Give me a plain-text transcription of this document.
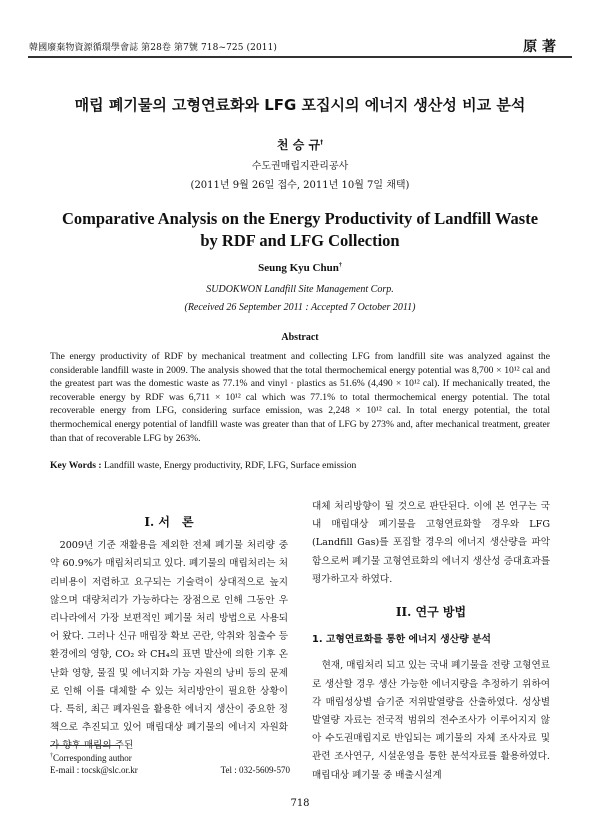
韓國廢棄物資源循環學會誌 第28卷 第7號 718~725 (2011)	原 著
매립 폐기물의 고형연료화와 LFG 포집시의 에너지 생산성 비교 분석
천 승 규†
수도권매립지관리공사
(2011년 9월 26일 접수, 2011년 10월 7일 채택)
Comparative Analysis on the Energy Productivity of Landfill Waste
by RDF and LFG Collection
Seung Kyu Chun†
SUDOKWON Landfill Site Management Corp.
(Received 26 September 2011 : Accepted 7 October 2011)
Abstract
The energy productivity of RDF by mechanical treatment and collecting LFG from landfill site was analyzed against the considerable landfill waste in 2009. The analysis showed that the total thermochemical energy potential was 8,700 × 10¹² cal and the greatest part was the domestic waste as 77.1% and vinyl · plastics as 51.6% (4,490 × 10¹² cal). If mechanically treated, the recoverable energy by RDF was 6,711 × 10¹² cal which was 77.1% to total thermochemical energy potential. The total recoverable energy from LFG, considering surface emission, was 2,248 × 10¹² cal. In total energy potential, the total thermochemical energy potential of landfill waste was greater than that of LFG by 273% and, after mechanical treatment, greater than that of recoverable LFG by 263%.
Key Words : Landfill waste, Energy productivity, RDF, LFG, Surface emission
I. 서　론

2009년 기준 재활용을 제외한 전체 폐기물 처리량 중 약 60.9%가 매립처리되고 있다. 폐기물의 매립처리는 처리비용이 저렴하고 요구되는 기술력이 상대적으로 높지 않으며 대량처리가 가능하다는 장점으로 인해 그동안 우리나라에서 가장 보편적인 폐기물 처리 방법으로 사용되어 왔다. 그러나 신규 매립장 확보 곤란, 악취와 침출수 등 환경에의 영향, CO₂ 와 CH₄의 표면 발산에 의한 기후 온난화 영향, 물질 및 에너지화 가능 자원의 낭비 등의 문제로 인해 이를 대체할 수 있는 처리방안이 필요한 상황이다. 특히, 최근 폐자원을 활용한 에너지 생산이 중요한 정책으로 추진되고 있어 매립대상 폐기물의 에너지 자원화가 향후 매립의 주된

대체 처리방향이 될 것으로 판단된다. 이에 본 연구는 국내 매립대상 폐기물을 고형연료화할 경우와 LFG (Landfill Gas)를 포집할 경우의 에너지 생산량을 파악함으로써 폐기물 고형연료화의 에너지 생산성 증대효과를 평가하고자 하였다.

II. 연구 방법
1. 고형연료화를 통한 에너지 생산량 분석

현재, 매립처리 되고 있는 국내 폐기물을 전량 고형연료로 생산할 경우 생산 가능한 에너지량을 추정하기 위하여 각 매립성상별 습기준 저위발열량을 산출하였다. 성상별 발열량 자료는 전국적 범위의 전수조사가 이루어지지 않아 수도권매립지로 반입되는 폐기물의 자체 조사자료 및 관련 조사연구, 시설운영을 통한 분석자료를 활용하였다. 매립대상 폐기물 중 배출시설계

†Corresponding author
E-mail : tocsk@slc.or.kr	Tel : 032-5609-570
718
